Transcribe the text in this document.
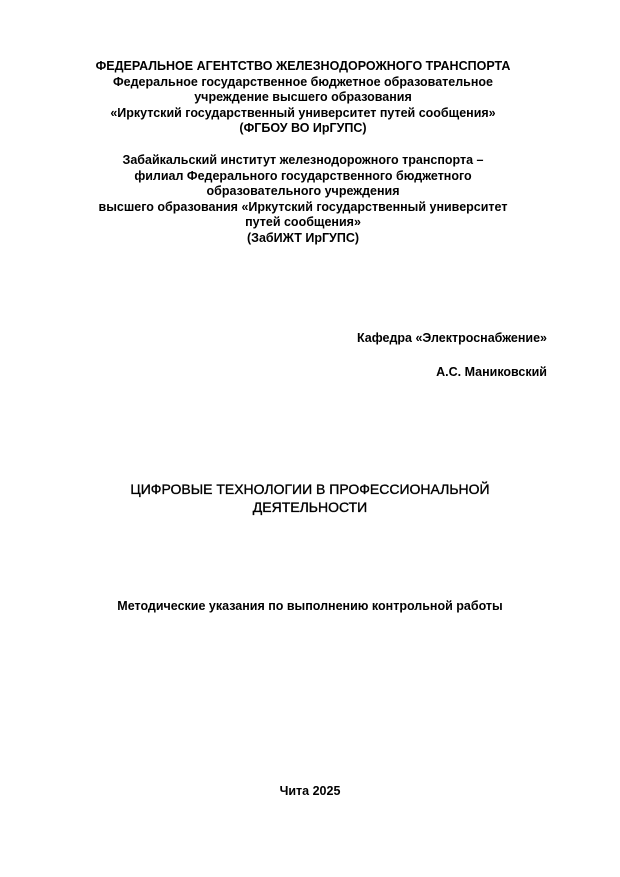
ФЕДЕРАЛЬНОЕ АГЕНТСТВО ЖЕЛЕЗНОДОРОЖНОГО ТРАНСПОРТА
Федеральное государственное бюджетное образовательное
учреждение высшего образования
«Иркутский государственный университет путей сообщения»
(ФГБОУ ВО ИрГУПС)
Забайкальский институт железнодорожного транспорта –
филиал Федерального государственного бюджетного
образовательного учреждения
высшего образования «Иркутский государственный университет
путей сообщения»
(ЗабИЖТ ИрГУПС)
Кафедра «Электроснабжение»
А.С. Маниковский
ЦИФРОВЫЕ ТЕХНОЛОГИИ В ПРОФЕССИОНАЛЬНОЙ
ДЕЯТЕЛЬНОСТИ
Методические указания по выполнению контрольной работы
Чита 2025
